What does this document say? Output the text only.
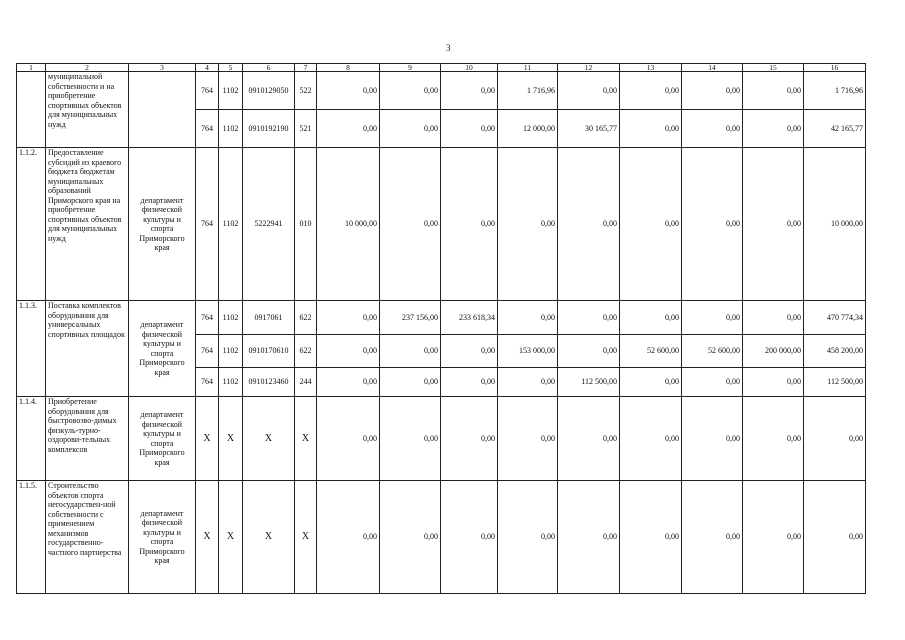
3
1	2	3	4	5	6	7	8	9	10	11	12	13	14	15	16
	муниципальной собственности и на приобретение спортивных объектов для муниципальных нужд		764	1102	0910129050	522	0,00	0,00	0,00	1 716,96	0,00	0,00	0,00	0,00	1 716,96
			764	1102	0910192190	521	0,00	0,00	0,00	12 000,00	30 165,77	0,00	0,00	0,00	42 165,77
1.1.2.	Предоставление субсидий из краевого бюджета бюджетам муниципальных образований Приморского края на приобретение спортивных объектов для муниципальных нужд	департамент физической культуры и спорта Приморского края	764	1102	5222941	010	10 000,00	0,00	0,00	0,00	0,00	0,00	0,00	0,00	10 000,00
1.1.3.	Поставка комплектов оборудования для универсальных спортивных площадок	департамент физической культуры и спорта Приморского края	764	1102	0917061	622	0,00	237 156,00	233 618,34	0,00	0,00	0,00	0,00	0,00	470 774,34
			764	1102	0910170610	622	0,00	0,00	0,00	153 000,00	0,00	52 600,00	52 600,00	200 000,00	458 200,00
			764	1102	0910123460	244	0,00	0,00	0,00	0,00	112 500,00	0,00	0,00	0,00	112 500,00
1.1.4.	Приобретение оборудования для быстровозво-димых физкуль-турно-оздорови-тельных комплексов	департамент физической культуры и спорта Приморского края	X	X	X	X	0,00	0,00	0,00	0,00	0,00	0,00	0,00	0,00	0,00
1.1.5.	Строительство объектов спорта негосударствен-ной собственности с применением механизмов государственно-частного партнерства	департамент физической культуры и спорта Приморского края	X	X	X	X	0,00	0,00	0,00	0,00	0,00	0,00	0,00	0,00	0,00
